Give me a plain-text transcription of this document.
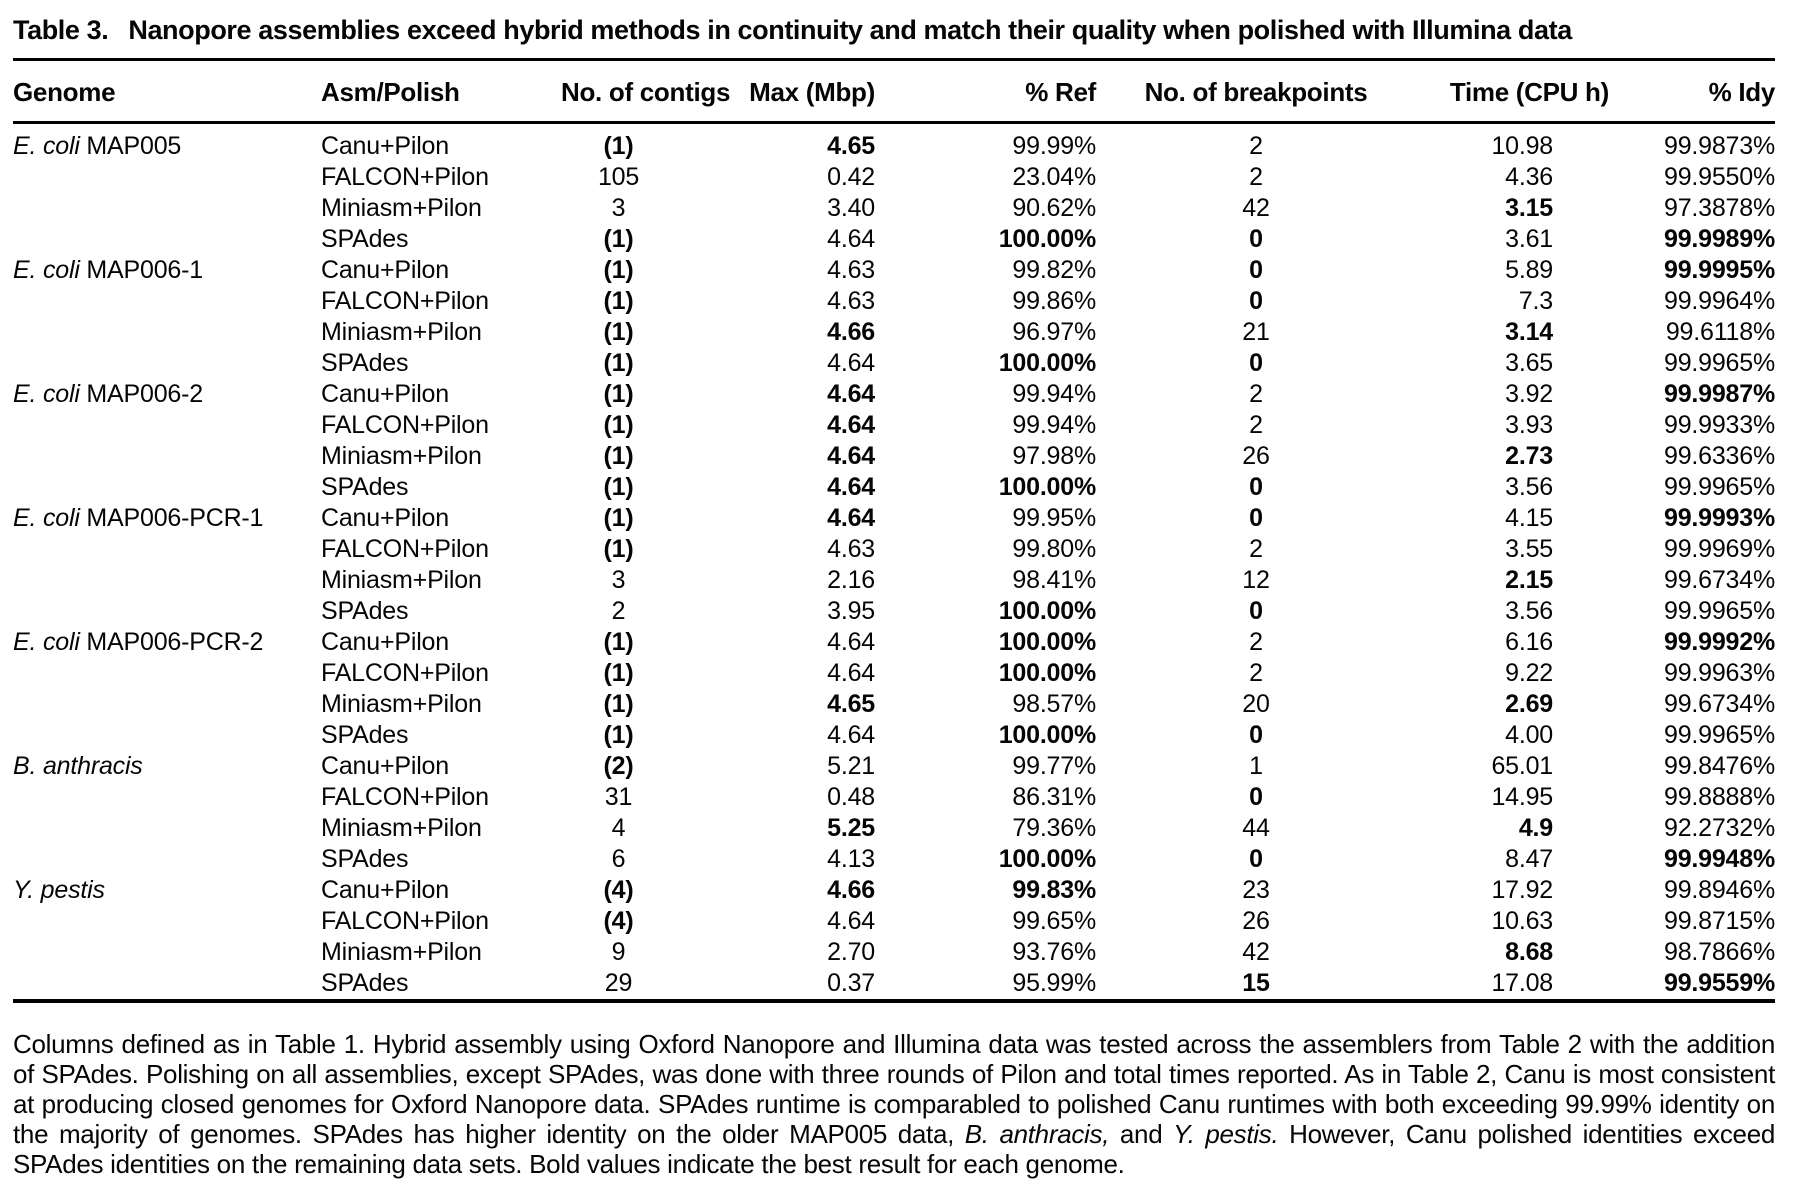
Table 3. Nanopore assemblies exceed hybrid methods in continuity and match their quality when polished with Illumina data
Genome	Asm/Polish	No. of contigs	Max (Mbp)	% Ref	No. of breakpoints	Time (CPU h)	% Idy
E. coli MAP005	Canu+Pilon	(1)	4.65	99.99%	2	10.98	99.9873%
	FALCON+Pilon	105	0.42	23.04%	2	4.36	99.9550%
	Miniasm+Pilon	3	3.40	90.62%	42	3.15	97.3878%
	SPAdes	(1)	4.64	100.00%	0	3.61	99.9989%
E. coli MAP006-1	Canu+Pilon	(1)	4.63	99.82%	0	5.89	99.9995%
	FALCON+Pilon	(1)	4.63	99.86%	0	7.3	99.9964%
	Miniasm+Pilon	(1)	4.66	96.97%	21	3.14	99.6118%
	SPAdes	(1)	4.64	100.00%	0	3.65	99.9965%
E. coli MAP006-2	Canu+Pilon	(1)	4.64	99.94%	2	3.92	99.9987%
	FALCON+Pilon	(1)	4.64	99.94%	2	3.93	99.9933%
	Miniasm+Pilon	(1)	4.64	97.98%	26	2.73	99.6336%
	SPAdes	(1)	4.64	100.00%	0	3.56	99.9965%
E. coli MAP006-PCR-1	Canu+Pilon	(1)	4.64	99.95%	0	4.15	99.9993%
	FALCON+Pilon	(1)	4.63	99.80%	2	3.55	99.9969%
	Miniasm+Pilon	3	2.16	98.41%	12	2.15	99.6734%
	SPAdes	2	3.95	100.00%	0	3.56	99.9965%
E. coli MAP006-PCR-2	Canu+Pilon	(1)	4.64	100.00%	2	6.16	99.9992%
	FALCON+Pilon	(1)	4.64	100.00%	2	9.22	99.9963%
	Miniasm+Pilon	(1)	4.65	98.57%	20	2.69	99.6734%
	SPAdes	(1)	4.64	100.00%	0	4.00	99.9965%
B. anthracis	Canu+Pilon	(2)	5.21	99.77%	1	65.01	99.8476%
	FALCON+Pilon	31	0.48	86.31%	0	14.95	99.8888%
	Miniasm+Pilon	4	5.25	79.36%	44	4.9	92.2732%
	SPAdes	6	4.13	100.00%	0	8.47	99.9948%
Y. pestis	Canu+Pilon	(4)	4.66	99.83%	23	17.92	99.8946%
	FALCON+Pilon	(4)	4.64	99.65%	26	10.63	99.8715%
	Miniasm+Pilon	9	2.70	93.76%	42	8.68	98.7866%
	SPAdes	29	0.37	95.99%	15	17.08	99.9559%

Columns defined as in Table 1. Hybrid assembly using Oxford Nanopore and Illumina data was tested across the assemblers from Table 2 with the addition of SPAdes. Polishing on all assemblies, except SPAdes, was done with three rounds of Pilon and total times reported. As in Table 2, Canu is most consistent at producing closed genomes for Oxford Nanopore data. SPAdes runtime is comparabled to polished Canu runtimes with both exceeding 99.99% identity on the majority of genomes. SPAdes has higher identity on the older MAP005 data, B. anthracis, and Y. pestis. However, Canu polished identities exceed SPAdes identities on the remaining data sets. Bold values indicate the best result for each genome.
